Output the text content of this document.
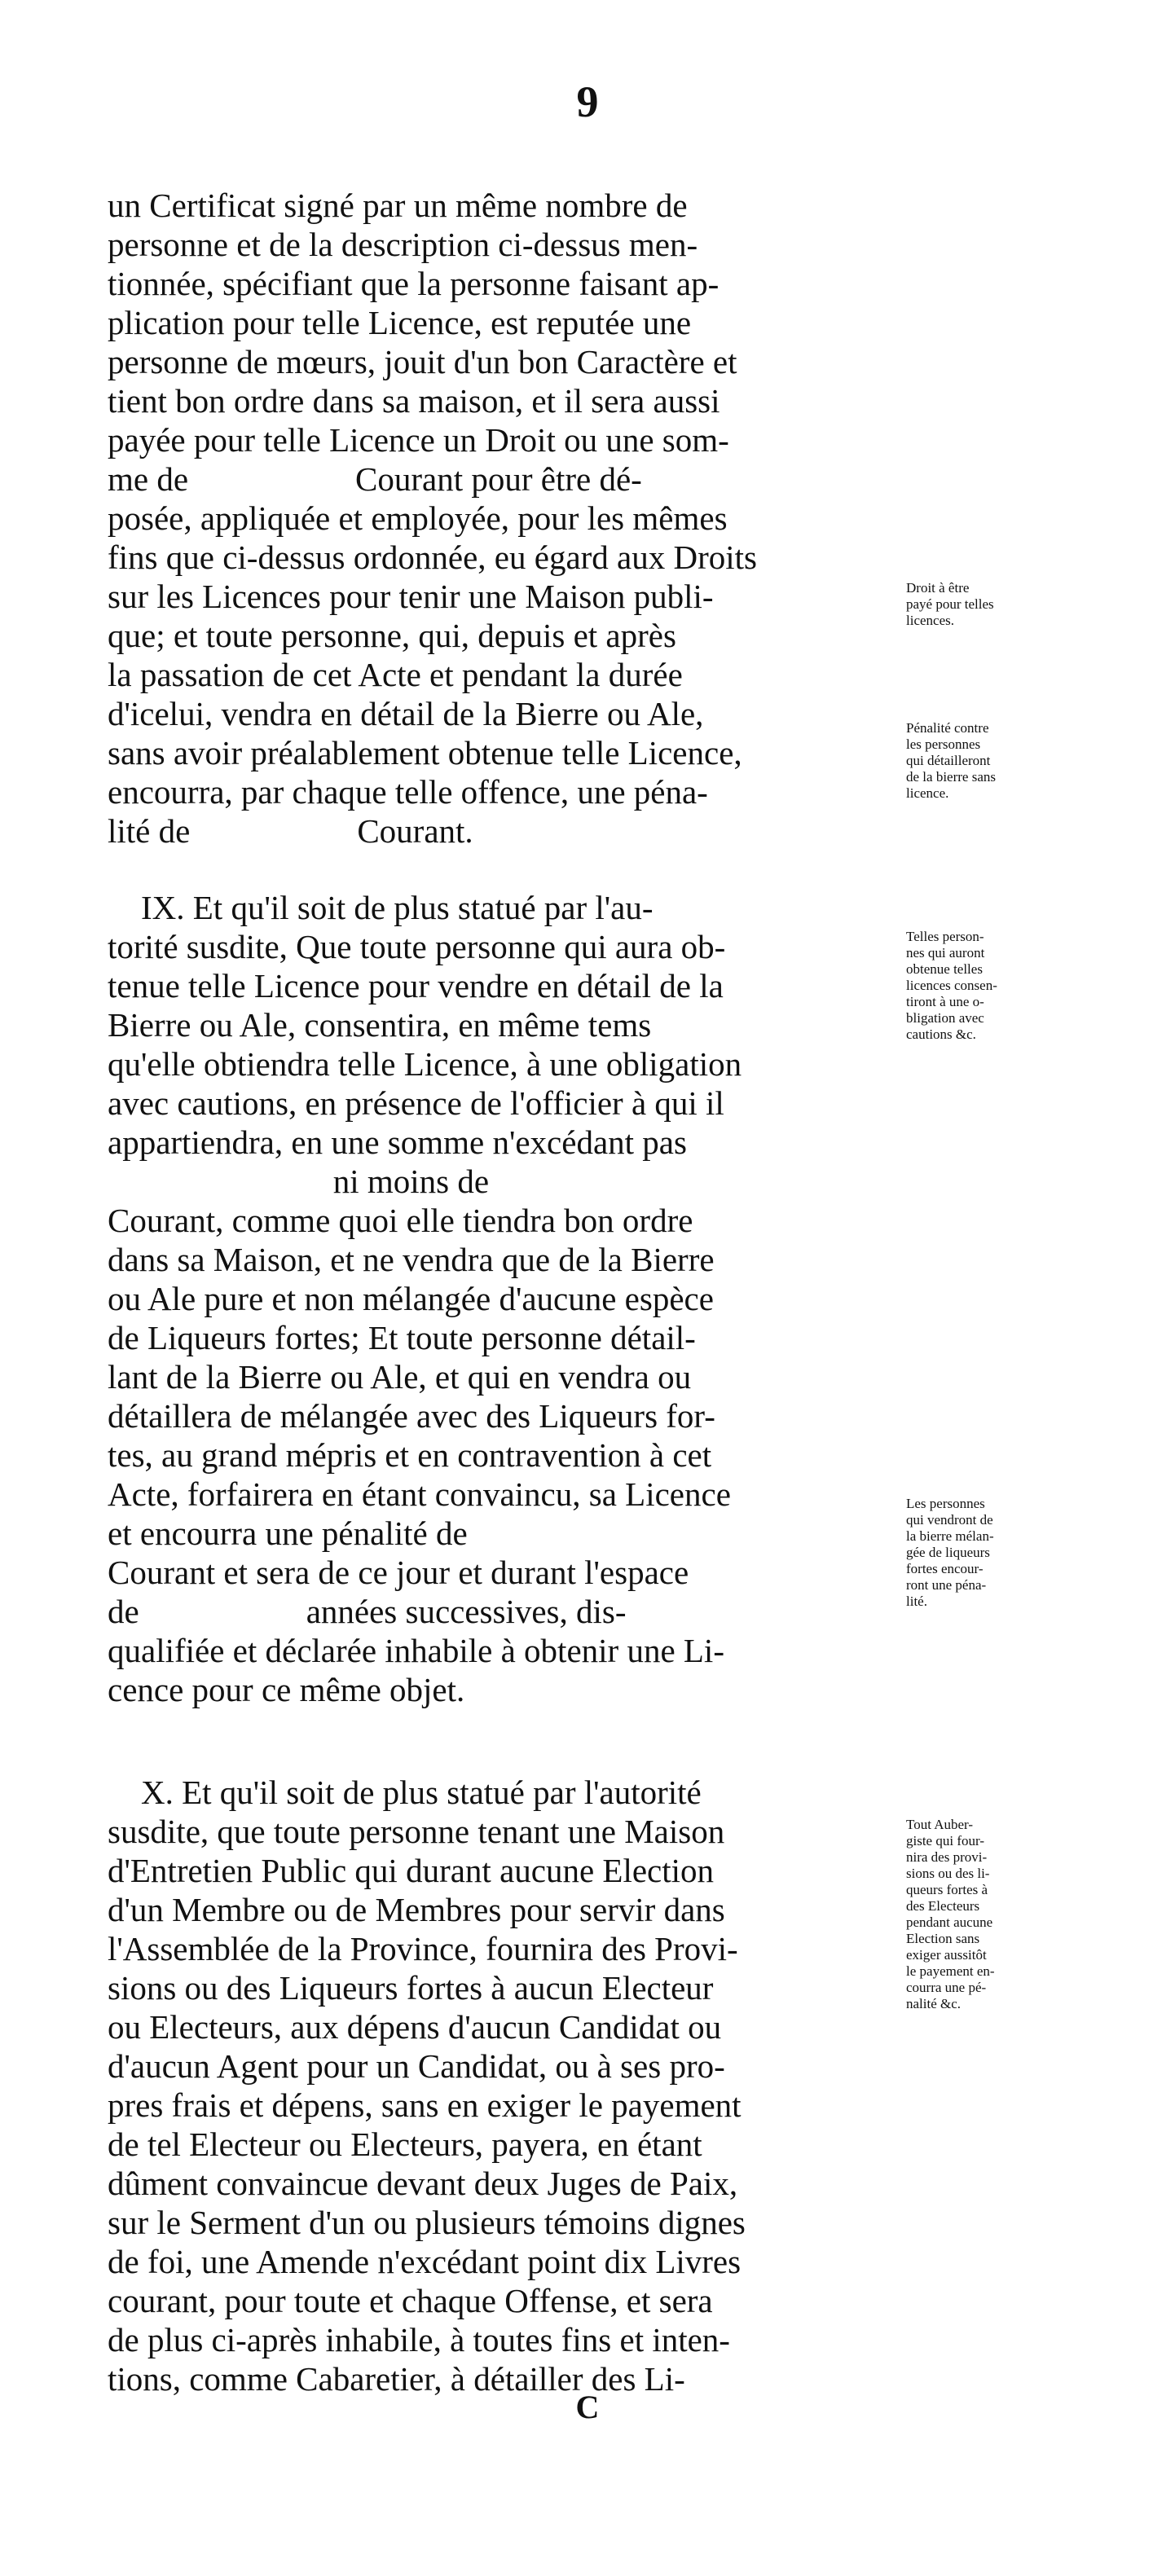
9
un Certificat signé par un même nombre de
personne et de la description ci-dessus men-
tionnée, spécifiant que la personne faisant ap-
plication pour telle Licence, est reputée une
personne de mœurs, jouit d'un bon Caractère et
tient bon ordre dans sa maison, et il sera aussi
payée pour telle Licence un Droit ou une som-
me de                    Courant pour être dé-
posée, appliquée et employée, pour les mêmes
fins que ci-dessus ordonnée, eu égard aux Droits
sur les Licences pour tenir une Maison publi-
que; et toute personne, qui, depuis et après
la passation de cet Acte et pendant la durée
d'icelui, vendra en détail de la Bierre ou Ale,
sans avoir préalablement obtenue telle Licence,
encourra, par chaque telle offence, une péna-
lité de                    Courant.
IX. Et qu'il soit de plus statué par l'au-
torité susdite, Que toute personne qui aura ob-
tenue telle Licence pour vendre en détail de la
Bierre ou Ale, consentira, en même tems
qu'elle obtiendra telle Licence, à une obligation
avec cautions, en présence de l'officier à qui il
appartiendra, en une somme n'excédant pas
ni moins de
Courant, comme quoi elle tiendra bon ordre
dans sa Maison, et ne vendra que de la Bierre
ou Ale pure et non mélangée d'aucune espèce
de Liqueurs fortes; Et toute personne détail-
lant de la Bierre ou Ale, et qui en vendra ou
détaillera de mélangée avec des Liqueurs for-
tes, au grand mépris et en contravention à cet
Acte, forfairera en étant convaincu, sa Licence
et encourra une pénalité de
Courant et sera de ce jour et durant l'espace
de                    années successives, dis-
qualifiée et déclarée inhabile à obtenir une Li-
cence pour ce même objet.
X. Et qu'il soit de plus statué par l'autorité
susdite, que toute personne tenant une Maison
d'Entretien Public qui durant aucune Election
d'un Membre ou de Membres pour servir dans
l'Assemblée de la Province, fournira des Provi-
sions ou des Liqueurs fortes à aucun Electeur
ou Electeurs, aux dépens d'aucun Candidat ou
d'aucun Agent pour un Candidat, ou à ses pro-
pres frais et dépens, sans en exiger le payement
de tel Electeur ou Electeurs, payera, en étant
dûment convaincue devant deux Juges de Paix,
sur le Serment d'un ou plusieurs témoins dignes
de foi, une Amende n'excédant point dix Livres
courant, pour toute et chaque Offense, et sera
de plus ci-après inhabile, à toutes fins et inten-
tions, comme Cabaretier, à détailler des Li-
Droit à être
payé pour telles
licences.
Pénalité contre
les personnes
qui détailleront
de la bierre sans
licence.
Telles person-
nes qui auront
obtenue telles
licences consen-
tiront à une o-
bligation avec
cautions &c.
Les personnes
qui vendront de
la bierre mélan-
gée de liqueurs
fortes encour-
ront une péna-
lité.
Tout Auber-
giste qui four-
nira des provi-
sions ou des li-
queurs fortes à
des Electeurs
pendant aucune
Election sans
exiger aussitôt
le payement en-
courra une pé-
nalité &c.
C
